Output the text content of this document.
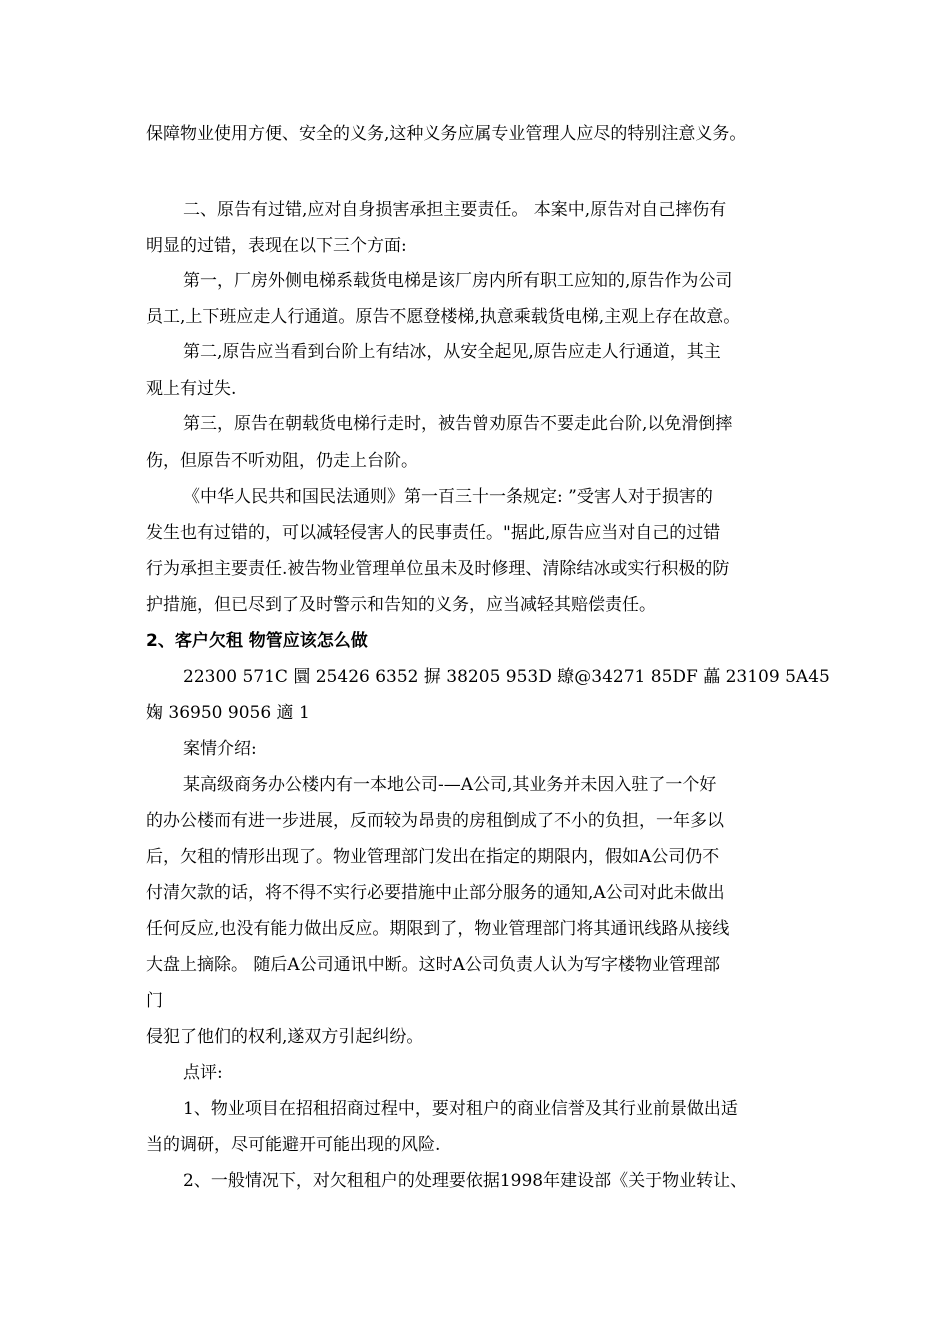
保障物业使用方便、安全的义务,这种义务应属专业管理人应尽的特别注意义务。
二、原告有过错,应对自身损害承担主要责任。 本案中,原告对自己摔伤有
明显的过错，表现在以下三个方面:
第一，厂房外侧电梯系载货电梯是该厂房内所有职工应知的,原告作为公司
员工,上下班应走人行通道。原告不愿登楼梯,执意乘载货电梯,主观上存在故意。
第二,原告应当看到台阶上有结冰，从安全起见,原告应走人行通道，其主
观上有过失.
第三，原告在朝载货电梯行走时，被告曾劝原告不要走此台阶,以免滑倒摔
伤，但原告不听劝阻，仍走上台阶。
《中华人民共和国民法通则》第一百三十一条规定: ”受害人对于损害的
发生也有过错的，可以减轻侵害人的民事责任。"据此,原告应当对自己的过错
行为承担主要责任.被告物业管理单位虽未及时修理、清除结冰或实行积极的防
护措施，但已尽到了及时警示和告知的义务，应当减轻其赔偿责任。
2、客户欠租 物管应该怎么做
22300 571C 圜 25426 6352 摒 38205 953D 镽@34271 85DF 藟 23109 5A45
婅 36950 9056 適 1
案情介绍:
某高级商务办公楼内有一本地公司-—A公司,其业务并未因入驻了一个好
的办公楼而有进一步进展，反而较为昂贵的房租倒成了不小的负担，一年多以
后，欠租的情形出现了。物业管理部门发出在指定的期限内，假如A公司仍不
付清欠款的话，将不得不实行必要措施中止部分服务的通知,A公司对此未做出
任何反应,也没有能力做出反应。期限到了，物业管理部门将其通讯线路从接线
大盘上摘除。 随后A公司通讯中断。这时A公司负责人认为写字楼物业管理部
门
侵犯了他们的权利,遂双方引起纠纷。
点评:
1、物业项目在招租招商过程中，要对租户的商业信誉及其行业前景做出适
当的调研，尽可能避开可能出现的风险.
2、一般情况下，对欠租租户的处理要依据1998年建设部《关于物业转让、
